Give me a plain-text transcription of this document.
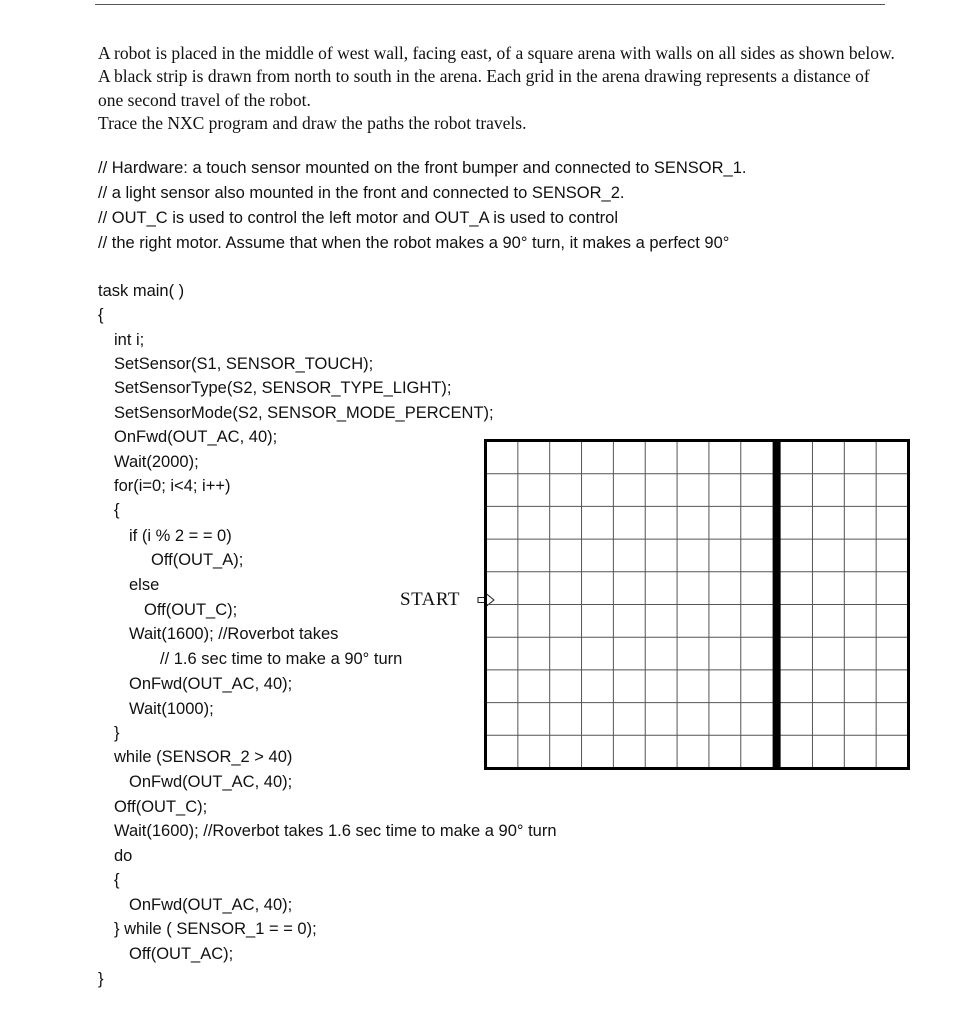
A robot is placed in the middle of west wall, facing east, of a square arena with walls on all sides as shown below. A black strip is drawn from north to south in the arena. Each grid in the arena drawing represents a distance of one second travel of the robot.

Trace the NXC program and draw the paths the robot travels.

// Hardware: a touch sensor mounted on the front bumper and connected to SENSOR_1.
// a light sensor also mounted in the front and connected to SENSOR_2.
// OUT_C is used to control the left motor and OUT_A is used to control
// the right motor. Assume that when the robot makes a 90° turn, it makes a perfect 90°
task main( )
{
int i;
SetSensor(S1, SENSOR_TOUCH);
SetSensorType(S2, SENSOR_TYPE_LIGHT);
SetSensorMode(S2, SENSOR_MODE_PERCENT);
OnFwd(OUT_AC, 40);
Wait(2000);
for(i=0; i<4; i++)
{
if (i % 2 = = 0)
Off(OUT_A);
else
Off(OUT_C);
Wait(1600); //Roverbot takes
// 1.6 sec time to make a 90° turn
OnFwd(OUT_AC, 40);
Wait(1000);
}
while (SENSOR_2 > 40)
OnFwd(OUT_AC, 40);
Off(OUT_C);
Wait(1600); //Roverbot takes 1.6 sec time to make a 90° turn
do
{
OnFwd(OUT_AC, 40);
} while ( SENSOR_1 = = 0);
Off(OUT_AC);
}
START
